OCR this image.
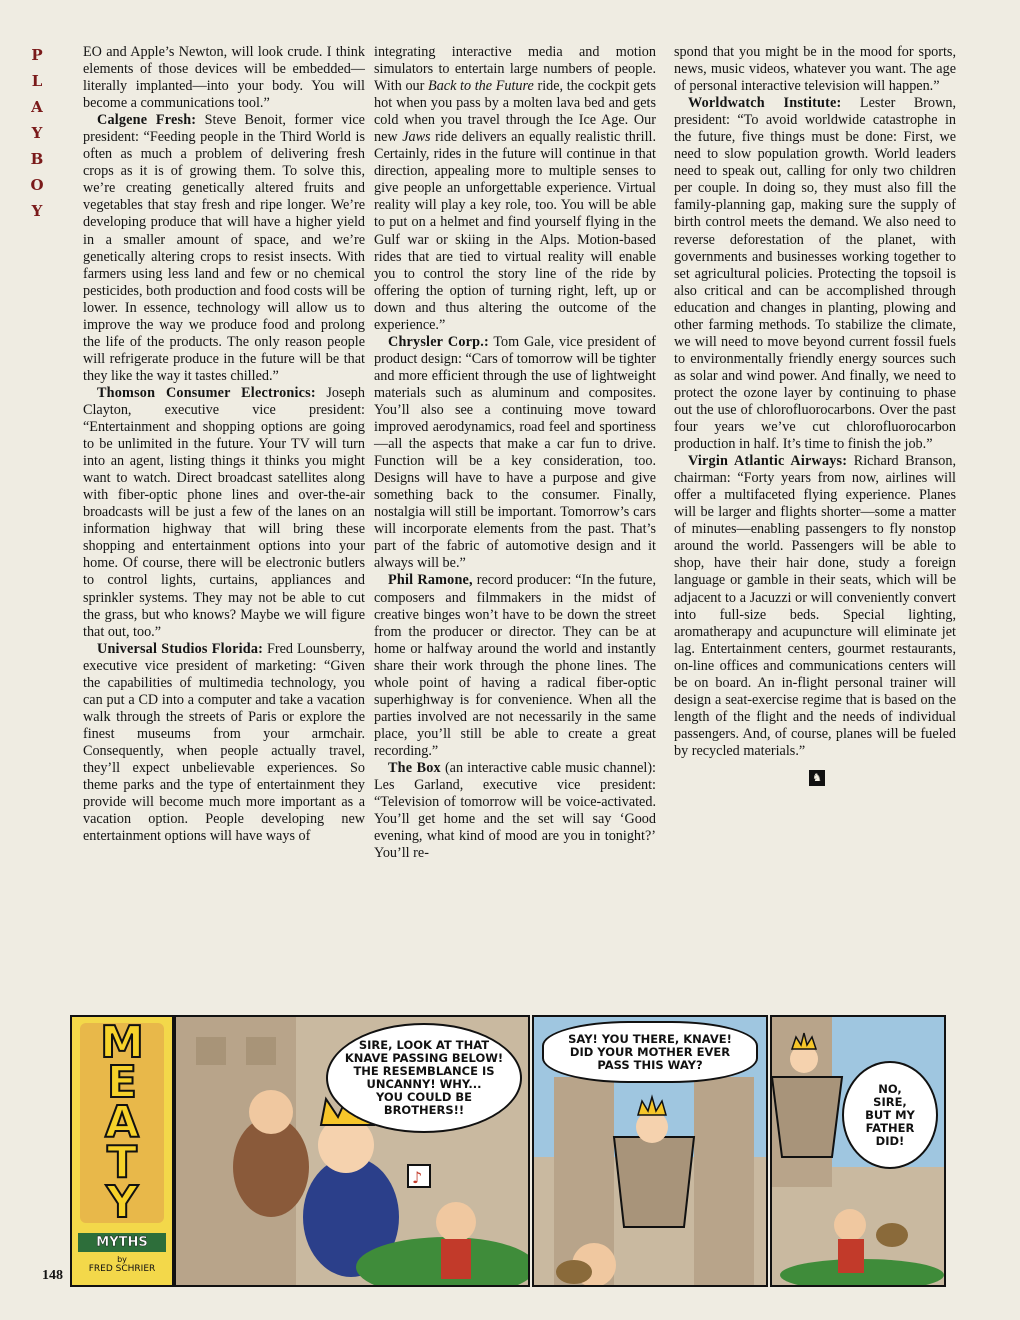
P
L
A
Y
B
O
Y

EO and Apple’s Newton, will look crude. I think elements of those devices will be embedded—literally implanted—into your body. You will become a communications tool.”

Calgene Fresh: Steve Benoit, former vice president: “Feeding people in the Third World is often as much a problem of delivering fresh crops as it is of growing them. To solve this, we’re creating genetically altered fruits and vegetables that stay fresh and ripe longer. We’re developing produce that will have a higher yield in a smaller amount of space, and we’re genetically altering crops to resist insects. With farmers using less land and few or no chemical pesticides, both production and food costs will be lower. In essence, technology will allow us to improve the way we produce food and prolong the life of the products. The only reason people will refrigerate produce in the future will be that they like the way it tastes chilled.”

Thomson Consumer Electronics: Joseph Clayton, executive vice president: “Entertainment and shopping options are going to be unlimited in the future. Your TV will turn into an agent, listing things it thinks you might want to watch. Direct broadcast satellites along with fiber-optic phone lines and over-the-air broadcasts will be just a few of the lanes on an information highway that will bring these shopping and entertainment options into your home. Of course, there will be electronic butlers to control lights, curtains, appliances and sprinkler systems. They may not be able to cut the grass, but who knows? Maybe we will figure that out, too.”

Universal Studios Florida: Fred Lounsberry, executive vice president of marketing: “Given the capabilities of multimedia technology, you can put a CD into a computer and take a vacation walk through the streets of Paris or explore the finest museums from your armchair. Consequently, when people actually travel, they’ll expect unbelievable experiences. So theme parks and the type of entertainment they provide will become much more important as a vacation option. People developing new entertainment options will have ways of

integrating interactive media and motion simulators to entertain large numbers of people. With our Back to the Future ride, the cockpit gets hot when you pass by a molten lava bed and gets cold when you travel through the Ice Age. Our new Jaws ride delivers an equally realistic thrill. Certainly, rides in the future will continue in that direction, appealing more to multiple senses to give people an unforgettable experience. Virtual reality will play a key role, too. You will be able to put on a helmet and find yourself flying in the Gulf war or skiing in the Alps. Motion-based rides that are tied to virtual reality will enable you to control the story line of the ride by offering the option of turning right, left, up or down and thus altering the outcome of the experience.”

Chrysler Corp.: Tom Gale, vice president of product design: “Cars of tomorrow will be tighter and more efficient through the use of lightweight materials such as aluminum and composites. You’ll also see a continuing move toward improved aerodynamics, road feel and sportiness—all the aspects that make a car fun to drive. Function will be a key consideration, too. Designs will have to have a purpose and give something back to the consumer. Finally, nostalgia will still be important. Tomorrow’s cars will incorporate elements from the past. That’s part of the fabric of automotive design and it always will be.”

Phil Ramone, record producer: “In the future, composers and filmmakers in the midst of creative binges won’t have to be down the street from the producer or director. They can be at home or halfway around the world and instantly share their work through the phone lines. The whole point of having a radical fiber-optic superhighway is for convenience. When all the parties involved are not necessarily in the same place, you’ll still be able to create a great recording.”

The Box (an interactive cable music channel): Les Garland, executive vice president: “Television of tomorrow will be voice-activated. You’ll get home and the set will say ‘Good evening, what kind of mood are you in tonight?’ You’ll re-

spond that you might be in the mood for sports, news, music videos, whatever you want. The age of personal interactive television will happen.”

Worldwatch Institute: Lester Brown, president: “To avoid worldwide catastrophe in the future, five things must be done: First, we need to slow population growth. World leaders need to speak out, calling for only two children per couple. In doing so, they must also fill the family-planning gap, making sure the supply of birth control meets the demand. We also need to reverse deforestation of the planet, with governments and businesses working together to set agricultural policies. Protecting the topsoil is also critical and can be accomplished through education and changes in planting, plowing and other farming methods. To stabilize the climate, we will need to move beyond current fossil fuels to environmentally friendly energy sources such as solar and wind power. And finally, we need to protect the ozone layer by continuing to phase out the use of chlorofluorocarbons. Over the past four years we’ve cut chlorofluorocarbon production in half. It’s time to finish the job.”

Virgin Atlantic Airways: Richard Branson, chairman: “Forty years from now, airlines will offer a multifaceted flying experience. Planes will be larger and flights shorter—some a matter of minutes—enabling passengers to fly nonstop around the world. Passengers will be able to shop, have their hair done, study a foreign language or gamble in their seats, which will be adjacent to a Jacuzzi or will conveniently convert into full-size beds. Special lighting, aromatherapy and acupuncture will eliminate jet lag. Entertainment centers, gourmet restaurants, on-line offices and communications centers will be on board. An in-flight personal trainer will design a seat-exercise regime that is based on the length of the flight and the needs of individual passengers. And, of course, planes will be fueled by recycled materials.”

♞
M
E
A
T
Y
MYTHS
by
FRED SCHRIER
♪
SIRE, LOOK AT THAT
KNAVE PASSING BELOW!
THE RESEMBLANCE IS
UNCANNY! WHY...
YOU COULD BE
BROTHERS!!
SAY! YOU THERE, KNAVE!
DID YOUR MOTHER EVER
PASS THIS WAY?
NO,
SIRE,
BUT MY
FATHER
DID!
148
